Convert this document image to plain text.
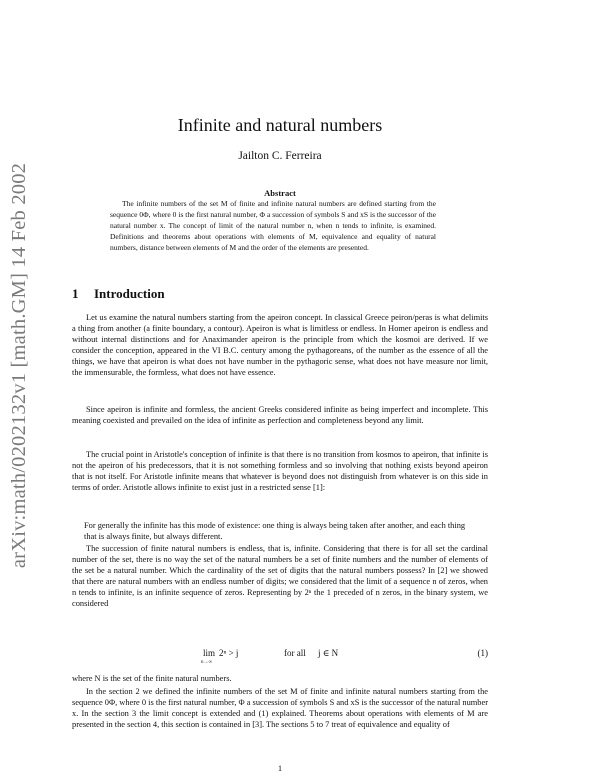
arXiv:math/0202132v1 [math.GM] 14 Feb 2002
Infinite and natural numbers
Jailton C. Ferreira
Abstract
The infinite numbers of the set M of finite and infinite natural numbers are defined starting from the sequence 0Φ, where 0 is the first natural number, Φ a succession of symbols S and xS is the successor of the natural number x. The concept of limit of the natural number n, when n tends to infinite, is examined. Definitions and theorems about operations with elements of M, equivalence and equality of natural numbers, distance between elements of M and the order of the elements are presented.
1 Introduction

Let us examine the natural numbers starting from the apeiron concept. In classical Greece peiron/peras is what delimits a thing from another (a finite boundary, a contour). Apeiron is what is limitless or endless. In Homer apeiron is endless and without internal distinctions and for Anaximander apeiron is the principle from which the kosmoi are derived. If we consider the conception, appeared in the VI B.C. century among the pythagoreans, of the number as the essence of all the things, we have that apeiron is what does not have number in the pythagoric sense, what does not have measure nor limit, the immensurable, the formless, what does not have essence.

Since apeiron is infinite and formless, the ancient Greeks considered infinite as being imperfect and incomplete. This meaning coexisted and prevailed on the idea of infinite as perfection and completeness beyond any limit.

The crucial point in Aristotle's conception of infinite is that there is no transition from kosmos to apeiron, that infinite is not the apeiron of his predecessors, that it is not something formless and so involving that nothing exists beyond apeiron that is not itself. For Aristotle infinite means that whatever is beyond does not distinguish from whatever is on this side in terms of order. Aristotle allows infinite to exist just in a restricted sense [1]:

For generally the infinite has this mode of existence: one thing is always being taken after another, and each thing that is always finite, but always different.

The succession of finite natural numbers is endless, that is, infinite. Considering that there is for all set the cardinal number of the set, there is no way the set of the natural numbers be a set of finite numbers and the number of elements of the set be a natural number. Which the cardinality of the set of digits that the natural numbers possess? In [2] we showed that there are natural numbers with an endless number of digits; we considered that the limit of a sequence n of zeros, when n tends to infinite, is an infinite sequence of zeros. Representing by 2ⁿ the 1 preceded of n zeros, in the binary system, we considered

lim
n→∞
2ⁿ > j	for all j ∈ N	(1)

where N is the set of the finite natural numbers.

In the section 2 we defined the infinite numbers of the set M of finite and infinite natural numbers starting from the sequence 0Φ, where 0 is the first natural number, Φ a succession of symbols S and xS is the successor of the natural number x. In the section 3 the limit concept is extended and (1) explained. Theorems about operations with elements of M are presented in the section 4, this section is contained in [3]. The sections 5 to 7 treat of equivalence and equality of

1
